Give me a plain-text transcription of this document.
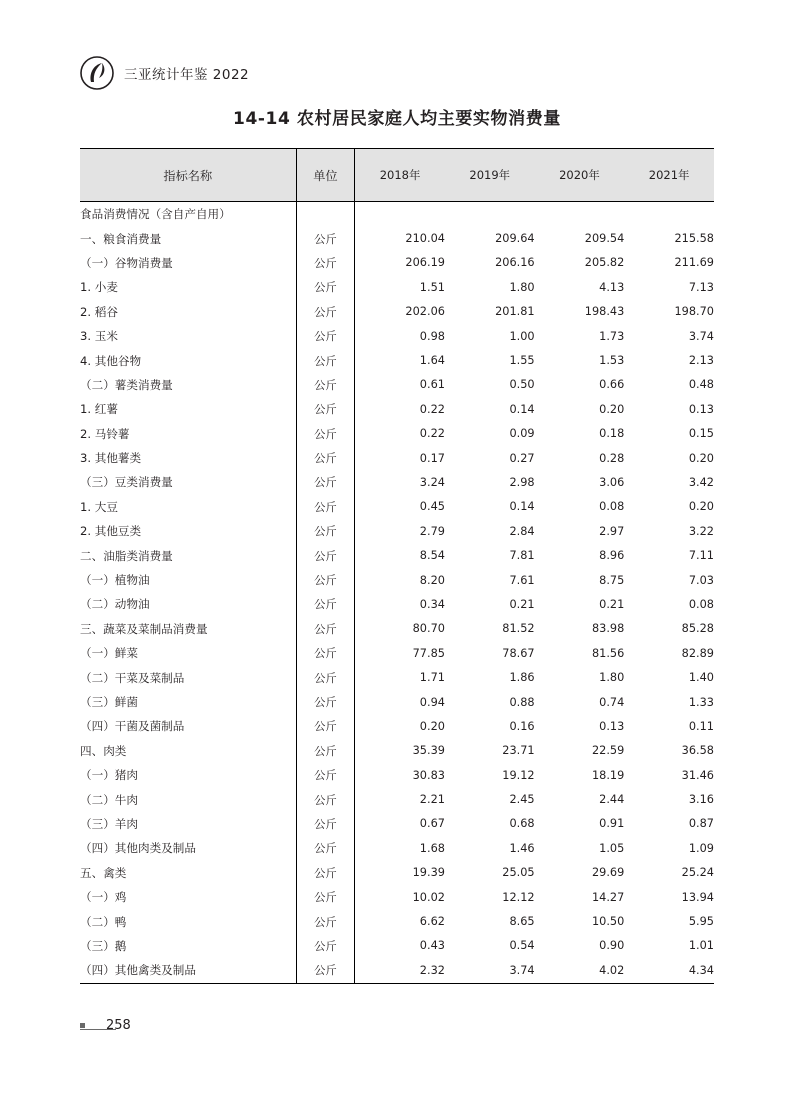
三亚统计年鉴 2022
14-14 农村居民家庭人均主要实物消费量
指标名称	单位	2018年	2019年	2020年	2021年
食品消费情况（含自产自用）					
一、粮食消费量	公斤	210.04	209.64	209.54	215.58
（一）谷物消费量	公斤	206.19	206.16	205.82	211.69
1. 小麦	公斤	1.51	1.80	4.13	7.13
2. 稻谷	公斤	202.06	201.81	198.43	198.70
3. 玉米	公斤	0.98	1.00	1.73	3.74
4. 其他谷物	公斤	1.64	1.55	1.53	2.13
（二）薯类消费量	公斤	0.61	0.50	0.66	0.48
1. 红薯	公斤	0.22	0.14	0.20	0.13
2. 马铃薯	公斤	0.22	0.09	0.18	0.15
3. 其他薯类	公斤	0.17	0.27	0.28	0.20
（三）豆类消费量	公斤	3.24	2.98	3.06	3.42
1. 大豆	公斤	0.45	0.14	0.08	0.20
2. 其他豆类	公斤	2.79	2.84	2.97	3.22
二、油脂类消费量	公斤	8.54	7.81	8.96	7.11
（一）植物油	公斤	8.20	7.61	8.75	7.03
（二）动物油	公斤	0.34	0.21	0.21	0.08
三、蔬菜及菜制品消费量	公斤	80.70	81.52	83.98	85.28
（一）鲜菜	公斤	77.85	78.67	81.56	82.89
（二）干菜及菜制品	公斤	1.71	1.86	1.80	1.40
（三）鲜菌	公斤	0.94	0.88	0.74	1.33
（四）干菌及菌制品	公斤	0.20	0.16	0.13	0.11
四、肉类	公斤	35.39	23.71	22.59	36.58
（一）猪肉	公斤	30.83	19.12	18.19	31.46
（二）牛肉	公斤	2.21	2.45	2.44	3.16
（三）羊肉	公斤	0.67	0.68	0.91	0.87
（四）其他肉类及制品	公斤	1.68	1.46	1.05	1.09
五、禽类	公斤	19.39	25.05	29.69	25.24
（一）鸡	公斤	10.02	12.12	14.27	13.94
（二）鸭	公斤	6.62	8.65	10.50	5.95
（三）鹅	公斤	0.43	0.54	0.90	1.01
（四）其他禽类及制品	公斤	2.32	3.74	4.02	4.34
258
